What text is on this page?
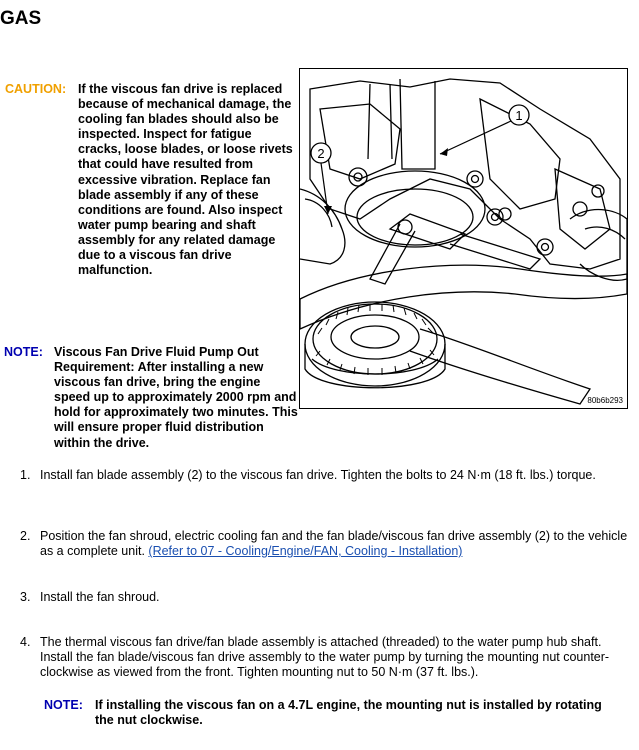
GAS
CAUTION: If the viscous fan drive is replaced because of mechanical damage, the cooling fan blades should also be inspected. Inspect for fatigue cracks, loose blades, or loose rivets that could have resulted from excessive vibration. Replace fan blade assembly if any of these conditions are found. Also inspect water pump bearing and shaft assembly for any related damage due to a viscous fan drive malfunction.
1
2
80b6b293
NOTE: Viscous Fan Drive Fluid Pump Out Requirement: After installing a new viscous fan drive, bring the engine speed up to approximately 2000 rpm and hold for approximately two minutes. This will ensure proper fluid distribution within the drive.
1. Install fan blade assembly (2) to the viscous fan drive. Tighten the bolts to 24 N·m (18 ft. lbs.) torque.
2. Position the fan shroud, electric cooling fan and the fan blade/viscous fan drive assembly (2) to the vehicle as a complete unit. (Refer to 07 - Cooling/Engine/FAN, Cooling - Installation)
3. Install the fan shroud.
4. The thermal viscous fan drive/fan blade assembly is attached (threaded) to the water pump hub shaft. Install the fan blade/viscous fan drive assembly to the water pump by turning the mounting nut counter-clockwise as viewed from the front. Tighten mounting nut to 50 N·m (37 ft. lbs.).
NOTE: If installing the viscous fan on a 4.7L engine, the mounting nut is installed by rotating the nut clockwise.
